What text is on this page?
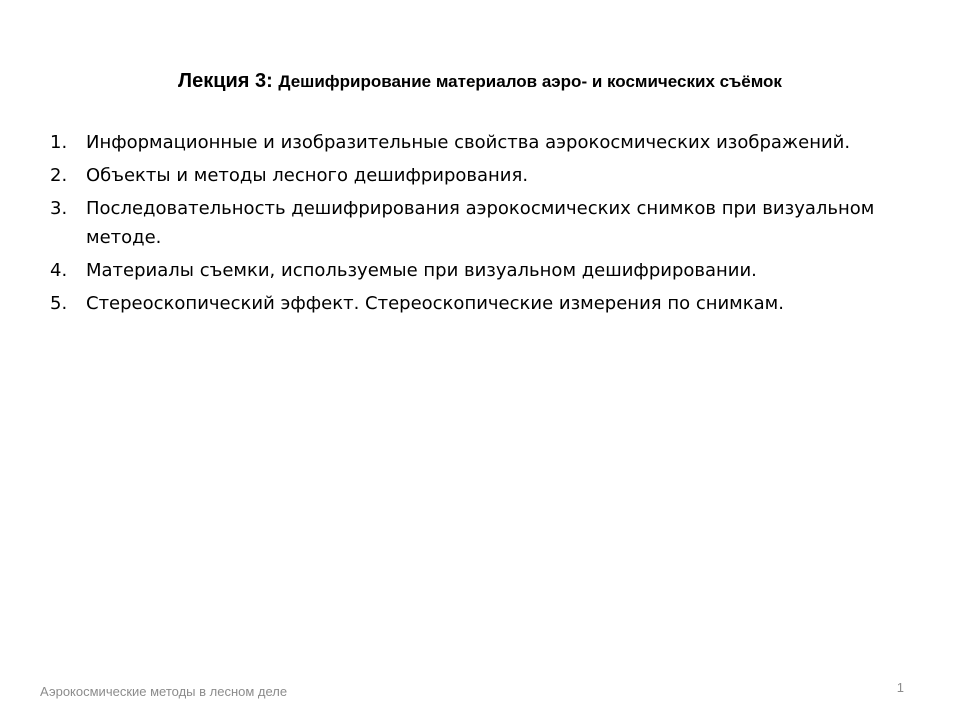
Лекция 3: Дешифрирование материалов аэро- и космических съёмок
1. Информационные и изобразительные свойства аэрокосмических изображений.
2. Объекты и методы лесного дешифрирования.
3. Последовательность дешифрирования аэрокосмических снимков при визуальном методе.
4. Материалы съемки, используемые при визуальном дешифрировании.
5. Стереоскопический эффект. Стереоскопические измерения по снимкам.
Аэрокосмические методы в лесном деле	1
